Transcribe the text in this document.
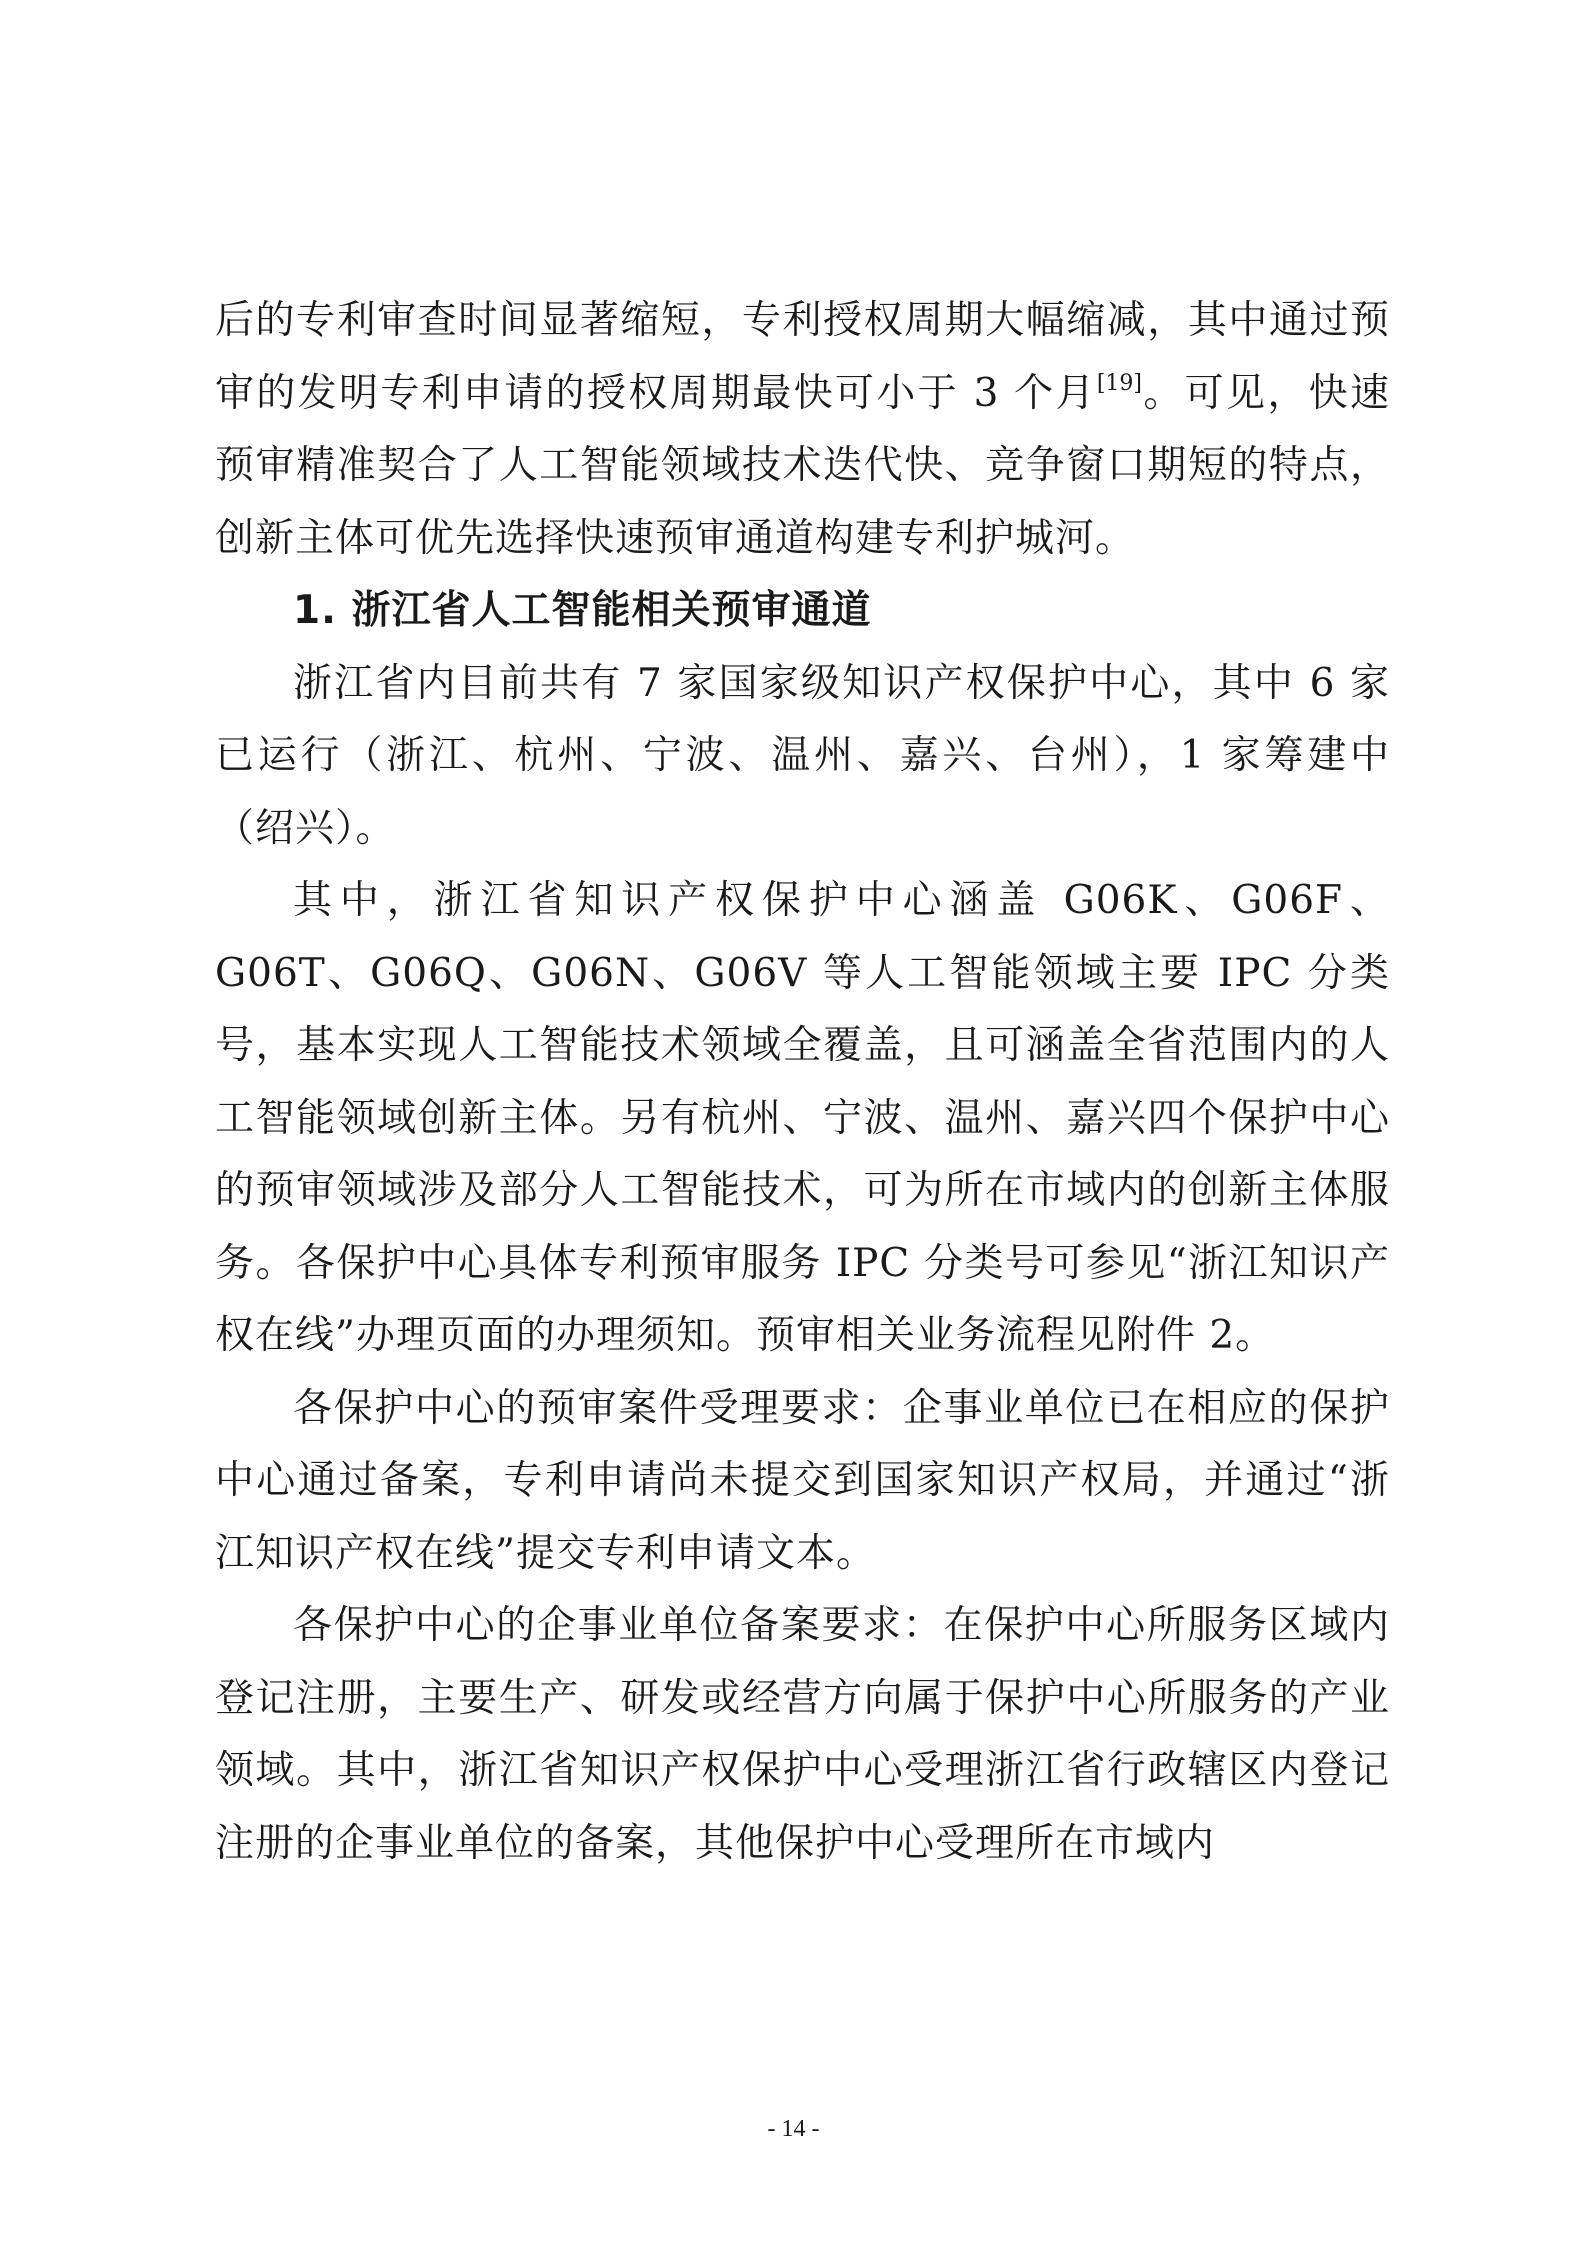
后的专利审查时间显著缩短，专利授权周期大幅缩减，其中通过预审的发明专利申请的授权周期最快可小于 3 个月[19]。可见，快速预审精准契合了人工智能领域技术迭代快、竞争窗口期短的特点，创新主体可优先选择快速预审通道构建专利护城河。

1. 浙江省人工智能相关预审通道

浙江省内目前共有 7 家国家级知识产权保护中心，其中 6 家已运行（浙江、杭州、宁波、温州、嘉兴、台州），1 家筹建中（绍兴）。

其中，浙江省知识产权保护中心涵盖 G06K、G06F、G06T、G06Q、G06N、G06V 等人工智能领域主要 IPC 分类号，基本实现人工智能技术领域全覆盖，且可涵盖全省范围内的人工智能领域创新主体。另有杭州、宁波、温州、嘉兴四个保护中心的预审领域涉及部分人工智能技术，可为所在市域内的创新主体服务。各保护中心具体专利预审服务 IPC 分类号可参见“浙江知识产权在线”办理页面的办理须知。预审相关业务流程见附件 2。

各保护中心的预审案件受理要求：企事业单位已在相应的保护中心通过备案，专利申请尚未提交到国家知识产权局，并通过“浙江知识产权在线”提交专利申请文本。

各保护中心的企事业单位备案要求：在保护中心所服务区域内登记注册，主要生产、研发或经营方向属于保护中心所服务的产业领域。其中，浙江省知识产权保护中心受理浙江省行政辖区内登记注册的企事业单位的备案，其他保护中心受理所在市域内

- 14 -
